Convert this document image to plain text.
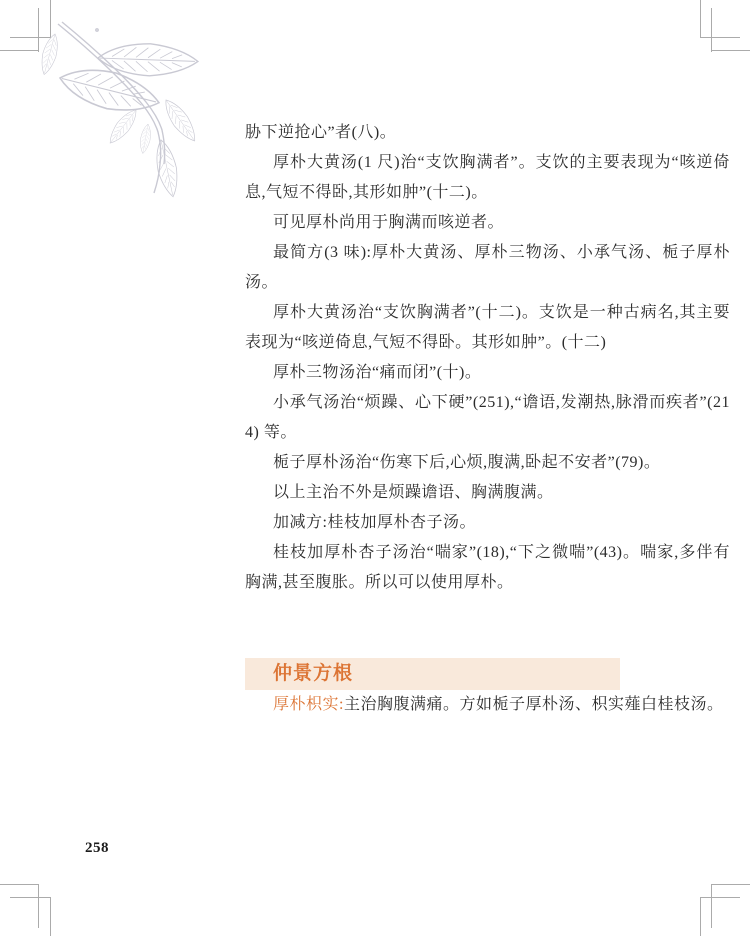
胁下逆抢心”者(八)。

厚朴大黄汤(1 尺)治“支饮胸满者”。支饮的主要表现为“咳逆倚息,气短不得卧,其形如肿”(十二)。

可见厚朴尚用于胸满而咳逆者。

最简方(3 味):厚朴大黄汤、厚朴三物汤、小承气汤、栀子厚朴汤。

厚朴大黄汤治“支饮胸满者”(十二)。支饮是一种古病名,其主要表现为“咳逆倚息,气短不得卧。其形如肿”。(十二)

厚朴三物汤治“痛而闭”(十)。

小承气汤治“烦躁、心下硬”(251),“谵语,发潮热,脉滑而疾者”(214) 等。

栀子厚朴汤治“伤寒下后,心烦,腹满,卧起不安者”(79)。

以上主治不外是烦躁谵语、胸满腹满。

加减方:桂枝加厚朴杏子汤。

桂枝加厚朴杏子汤治“喘家”(18),“下之微喘”(43)。喘家,多伴有胸满,甚至腹胀。所以可以使用厚朴。

仲景方根

厚朴枳实:主治胸腹满痛。方如栀子厚朴汤、枳实薤白桂枝汤。

258
